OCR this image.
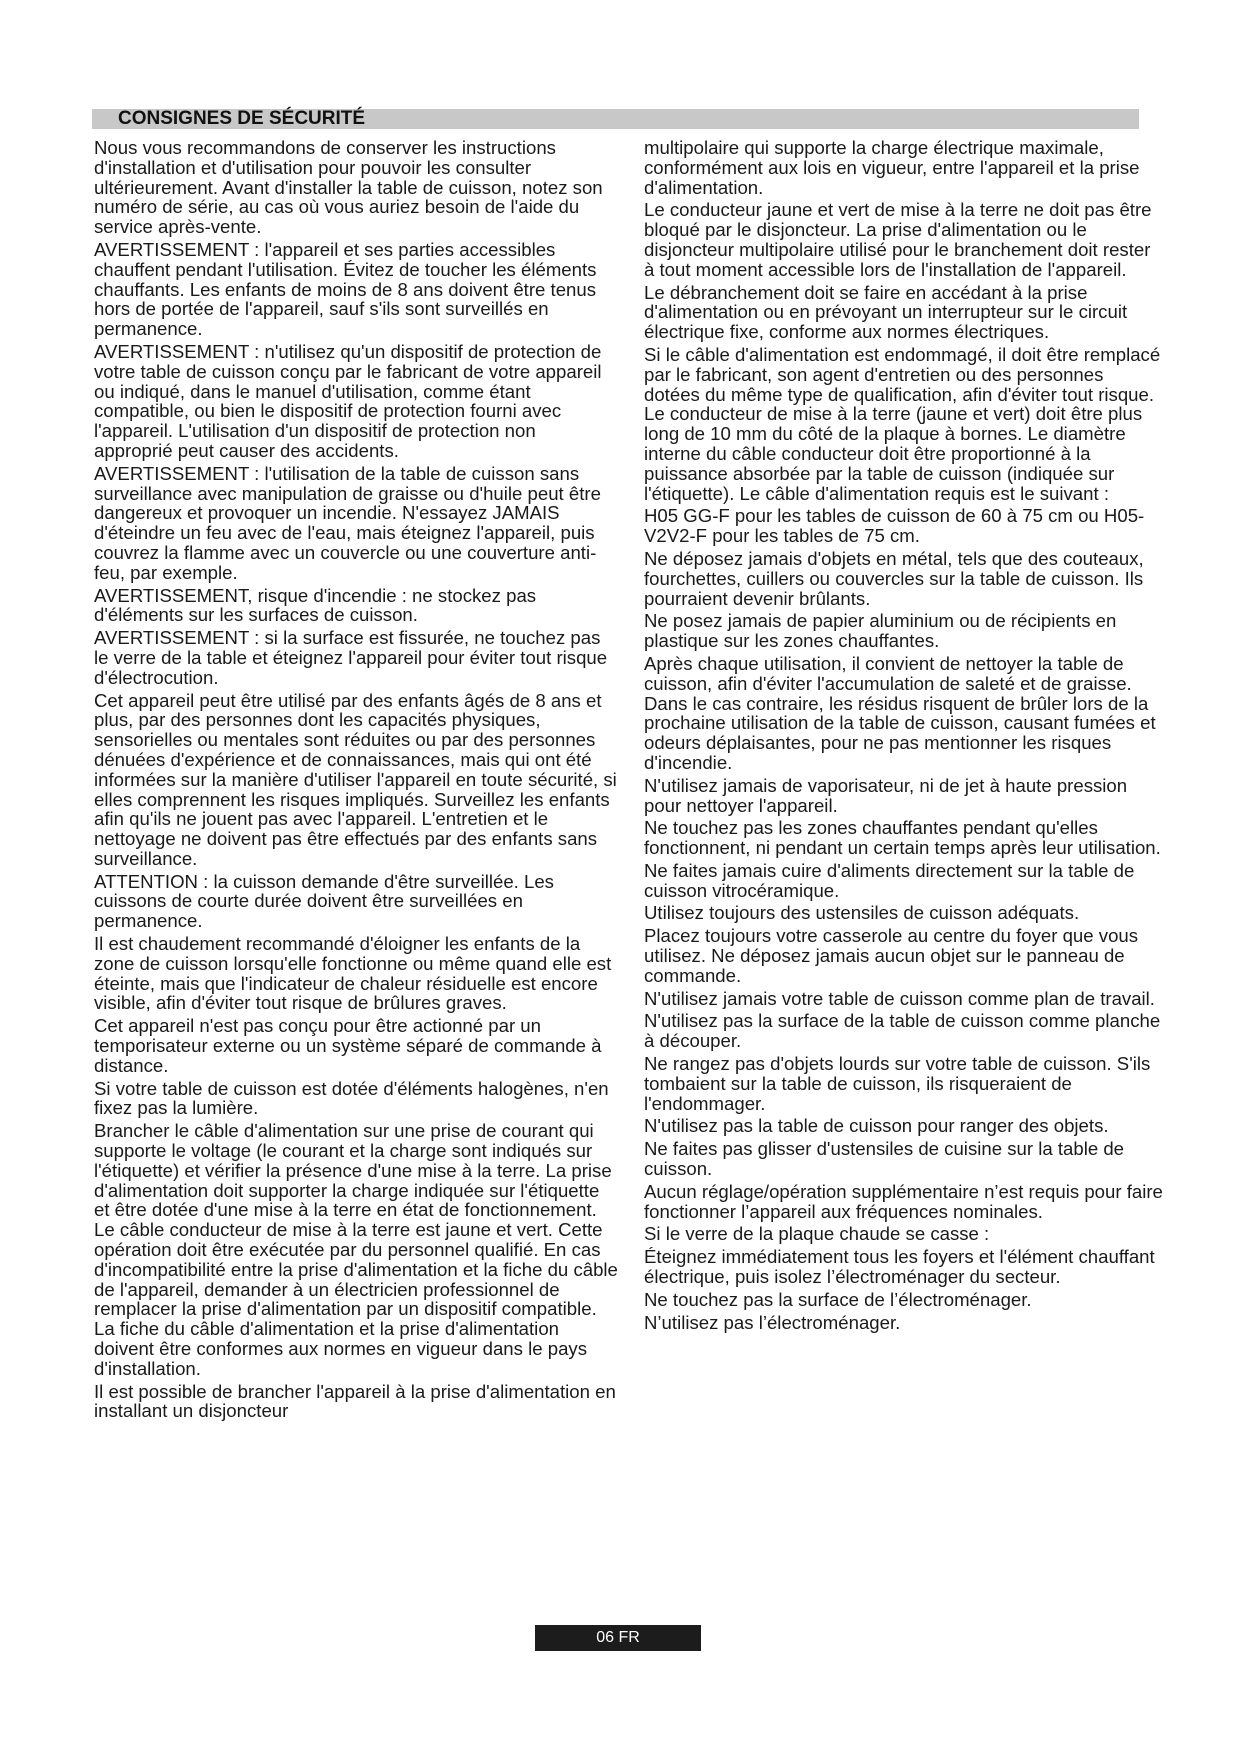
CONSIGNES DE SÉCURITÉ

Nous vous recommandons de conserver les instructions d'installation et d'utilisation pour pouvoir les consulter ultérieurement. Avant d'installer la table de cuisson, notez son numéro de série, au cas où vous auriez besoin de l'aide du service après-vente.

AVERTISSEMENT : l'appareil et ses parties accessibles chauffent pendant l'utilisation. Évitez de toucher les éléments chauffants. Les enfants de moins de 8 ans doivent être tenus hors de portée de l'appareil, sauf s'ils sont surveillés en permanence.

AVERTISSEMENT : n'utilisez qu'un dispositif de protection de votre table de cuisson conçu par le fabricant de votre appareil ou indiqué, dans le manuel d'utilisation, comme étant compatible, ou bien le dispositif de protection fourni avec l'appareil. L'utilisation d'un dispositif de protection non approprié peut causer des accidents.

AVERTISSEMENT : l'utilisation de la table de cuisson sans surveillance avec manipulation de graisse ou d'huile peut être dangereux et provoquer un incendie. N'essayez JAMAIS d'éteindre un feu avec de l'eau, mais éteignez l'appareil, puis couvrez la flamme avec un couvercle ou une couverture anti-feu, par exemple.

AVERTISSEMENT, risque d'incendie : ne stockez pas d'éléments sur les surfaces de cuisson.

AVERTISSEMENT : si la surface est fissurée, ne touchez pas le verre de la table et éteignez l'appareil pour éviter tout risque d'électrocution.

Cet appareil peut être utilisé par des enfants âgés de 8 ans et plus, par des personnes dont les capacités physiques, sensorielles ou mentales sont réduites ou par des personnes dénuées d'expérience et de connaissances, mais qui ont été informées sur la manière d'utiliser l'appareil en toute sécurité, si elles comprennent les risques impliqués. Surveillez les enfants afin qu'ils ne jouent pas avec l'appareil. L'entretien et le nettoyage ne doivent pas être effectués par des enfants sans surveillance.

ATTENTION : la cuisson demande d'être surveillée. Les cuissons de courte durée doivent être surveillées en permanence.

Il est chaudement recommandé d'éloigner les enfants de la zone de cuisson lorsqu'elle fonctionne ou même quand elle est éteinte, mais que l'indicateur de chaleur résiduelle est encore visible, afin d'éviter tout risque de brûlures graves.

Cet appareil n'est pas conçu pour être actionné par un temporisateur externe ou un système séparé de commande à distance.

Si votre table de cuisson est dotée d'éléments halogènes, n'en fixez pas la lumière.

Brancher le câble d'alimentation sur une prise de courant qui supporte le voltage (le courant et la charge sont indiqués sur l'étiquette) et vérifier la présence d'une mise à la terre. La prise d'alimentation doit supporter la charge indiquée sur l'étiquette et être dotée d'une mise à la terre en état de fonctionnement. Le câble conducteur de mise à la terre est jaune et vert. Cette opération doit être exécutée par du personnel qualifié. En cas d'incompatibilité entre la prise d'alimentation et la fiche du câble de l'appareil, demander à un électricien professionnel de remplacer la prise d'alimentation par un dispositif compatible. La fiche du câble d'alimentation et la prise d'alimentation doivent être conformes aux normes en vigueur dans le pays d'installation.

Il est possible de brancher l'appareil à la prise d'alimentation en installant un disjoncteur

multipolaire qui supporte la charge électrique maximale, conformément aux lois en vigueur, entre l'appareil et la prise d'alimentation.

Le conducteur jaune et vert de mise à la terre ne doit pas être bloqué par le disjoncteur. La prise d'alimentation ou le disjoncteur multipolaire utilisé pour le branchement doit rester à tout moment accessible lors de l'installation de l'appareil.

Le débranchement doit se faire en accédant à la prise d'alimentation ou en prévoyant un interrupteur sur le circuit électrique fixe, conforme aux normes électriques.

Si le câble d'alimentation est endommagé, il doit être remplacé par le fabricant, son agent d'entretien ou des personnes dotées du même type de qualification, afin d'éviter tout risque. Le conducteur de mise à la terre (jaune et vert) doit être plus long de 10 mm du côté de la plaque à bornes. Le diamètre interne du câble conducteur doit être proportionné à la puissance absorbée par la table de cuisson (indiquée sur l'étiquette). Le câble d'alimentation requis est le suivant :

H05 GG-F pour les tables de cuisson de 60 à 75 cm ou H05-V2V2-F pour les tables de 75 cm.

Ne déposez jamais d'objets en métal, tels que des couteaux, fourchettes, cuillers ou couvercles sur la table de cuisson. Ils pourraient devenir brûlants.

Ne posez jamais de papier aluminium ou de récipients en plastique sur les zones chauffantes.

Après chaque utilisation, il convient de nettoyer la table de cuisson, afin d'éviter l'accumulation de saleté et de graisse. Dans le cas contraire, les résidus risquent de brûler lors de la prochaine utilisation de la table de cuisson, causant fumées et odeurs déplaisantes, pour ne pas mentionner les risques d'incendie.

N'utilisez jamais de vaporisateur, ni de jet à haute pression pour nettoyer l'appareil.

Ne touchez pas les zones chauffantes pendant qu'elles fonctionnent, ni pendant un certain temps après leur utilisation.

Ne faites jamais cuire d'aliments directement sur la table de cuisson vitrocéramique.

Utilisez toujours des ustensiles de cuisson adéquats.

Placez toujours votre casserole au centre du foyer que vous utilisez. Ne déposez jamais aucun objet sur le panneau de commande.

N'utilisez jamais votre table de cuisson comme plan de travail.

N'utilisez pas la surface de la table de cuisson comme planche à découper.

Ne rangez pas d'objets lourds sur votre table de cuisson. S'ils tombaient sur la table de cuisson, ils risqueraient de l'endommager.

N'utilisez pas la table de cuisson pour ranger des objets.

Ne faites pas glisser d'ustensiles de cuisine sur la table de cuisson.

Aucun réglage/opération supplémentaire n’est requis pour faire fonctionner l’appareil aux fréquences nominales.

Si le verre de la plaque chaude se casse :

Éteignez immédiatement tous les foyers et l'élément chauffant électrique, puis isolez l’électroménager du secteur.

Ne touchez pas la surface de l’électroménager.

N’utilisez pas l’électroménager.

06 FR
